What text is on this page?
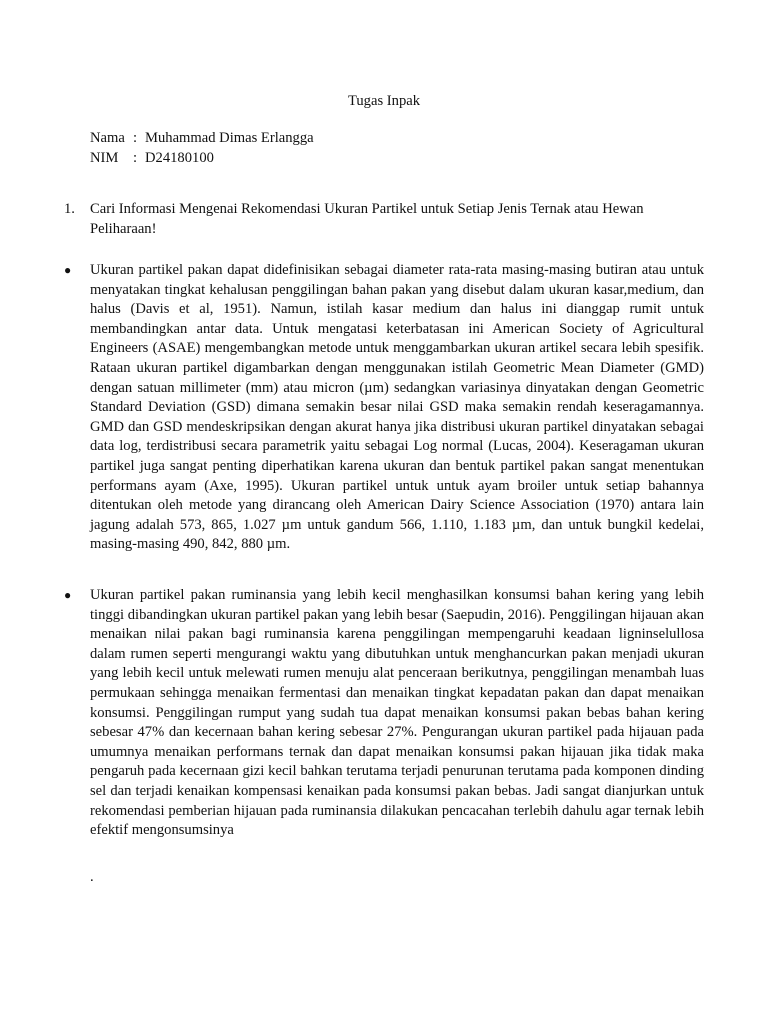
Tugas Inpak
Nama : Muhammad Dimas Erlangga
NIM	: D24180100
1.	Cari Informasi Mengenai Rekomendasi Ukuran Partikel untuk Setiap Jenis Ternak atau Hewan Peliharaan!
●	Ukuran partikel pakan dapat didefinisikan sebagai diameter rata-rata masing-masing butiran atau untuk menyatakan tingkat kehalusan penggilingan bahan pakan yang disebut dalam ukuran kasar,medium, dan halus (Davis et al, 1951). Namun, istilah kasar medium dan halus ini dianggap rumit untuk membandingkan antar data. Untuk mengatasi keterbatasan ini American Society of Agricultural Engineers (ASAE) mengembangkan metode untuk menggambarkan ukuran artikel secara lebih spesifik. Rataan ukuran partikel digambarkan dengan menggunakan istilah Geometric Mean Diameter (GMD) dengan satuan millimeter (mm) atau micron (µm) sedangkan variasinya dinyatakan dengan Geometric Standard Deviation (GSD) dimana semakin besar nilai GSD maka semakin rendah keseragamannya. GMD dan GSD mendeskripsikan dengan akurat hanya jika distribusi ukuran partikel dinyatakan sebagai data log, terdistribusi secara parametrik yaitu sebagai Log normal (Lucas, 2004). Keseragaman ukuran partikel juga sangat penting diperhatikan karena ukuran dan bentuk partikel pakan sangat menentukan performans ayam (Axe, 1995). Ukuran partikel untuk untuk ayam broiler untuk setiap bahannya ditentukan oleh metode yang dirancang oleh American Dairy Science Association (1970) antara lain jagung adalah 573, 865, 1.027 µm untuk gandum 566, 1.110, 1.183 µm, dan untuk bungkil kedelai, masing-masing 490, 842, 880 µm.
●	Ukuran partikel pakan ruminansia yang lebih kecil menghasilkan konsumsi bahan kering yang lebih tinggi dibandingkan ukuran partikel pakan yang lebih besar (Saepudin, 2016). Penggilingan hijauan akan menaikan nilai pakan bagi ruminansia karena penggilingan mempengaruhi keadaan ligninselullosa dalam rumen seperti mengurangi waktu yang dibutuhkan untuk menghancurkan pakan menjadi ukuran yang lebih kecil untuk melewati rumen menuju alat penceraan berikutnya, penggilingan menambah luas permukaan sehingga menaikan fermentasi dan menaikan tingkat kepadatan pakan dan dapat menaikan konsumsi. Penggilingan rumput yang sudah tua dapat menaikan konsumsi pakan bebas bahan kering sebesar 47% dan kecernaan bahan kering sebesar 27%. Pengurangan ukuran partikel pada hijauan pada umumnya menaikan performans ternak dan dapat menaikan konsumsi pakan hijauan jika tidak maka pengaruh pada kecernaan gizi kecil bahkan terutama terjadi penurunan terutama pada komponen dinding sel dan terjadi kenaikan kompensasi kenaikan pada konsumsi pakan bebas. Jadi sangat dianjurkan untuk rekomendasi pemberian hijauan pada ruminansia dilakukan pencacahan terlebih dahulu agar ternak lebih efektif mengonsumsinya
.
